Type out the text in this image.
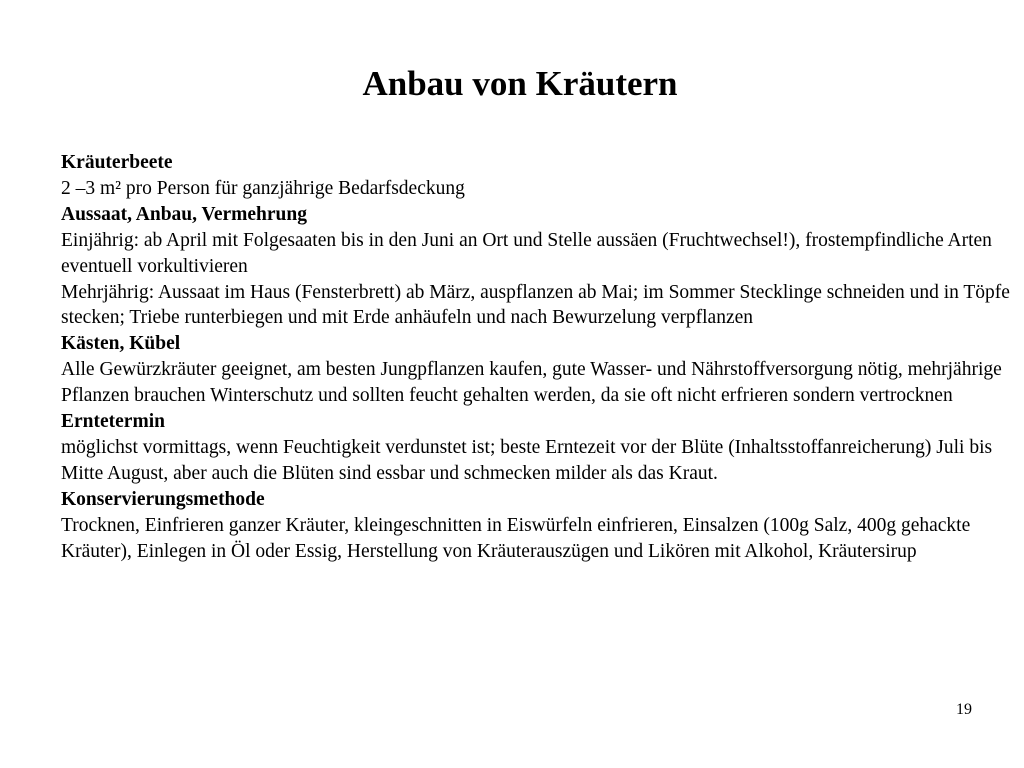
Anbau von Kräutern

Kräuterbeete

2 –3 m² pro Person für ganzjährige Bedarfsdeckung

Aussaat, Anbau, Vermehrung

Einjährig: ab April mit Folgesaaten bis in den Juni an Ort und Stelle aussäen (Fruchtwechsel!), frostempfindliche Arten eventuell vorkultivieren

Mehrjährig: Aussaat im Haus (Fensterbrett) ab März, auspflanzen ab Mai; im Sommer Stecklinge schneiden und in Töpfe stecken; Triebe runterbiegen und mit Erde anhäufeln und nach Bewurzelung verpflanzen

Kästen, Kübel

Alle Gewürzkräuter geeignet, am besten Jungpflanzen kaufen, gute Wasser- und Nährstoffversorgung nötig, mehrjährige Pflanzen brauchen Winterschutz und sollten feucht gehalten werden, da sie oft nicht erfrieren sondern vertrocknen

Erntetermin

möglichst vormittags, wenn Feuchtigkeit verdunstet ist; beste Erntezeit vor der Blüte (Inhaltsstoffanreicherung) Juli bis Mitte August, aber auch die Blüten sind essbar und schmecken milder als das Kraut.

Konservierungsmethode

Trocknen, Einfrieren ganzer Kräuter, kleingeschnitten in Eiswürfeln einfrieren, Einsalzen (100g Salz, 400g gehackte Kräuter), Einlegen in Öl oder Essig, Herstellung von Kräuterauszügen und Likören mit Alkohol, Kräutersirup

19
